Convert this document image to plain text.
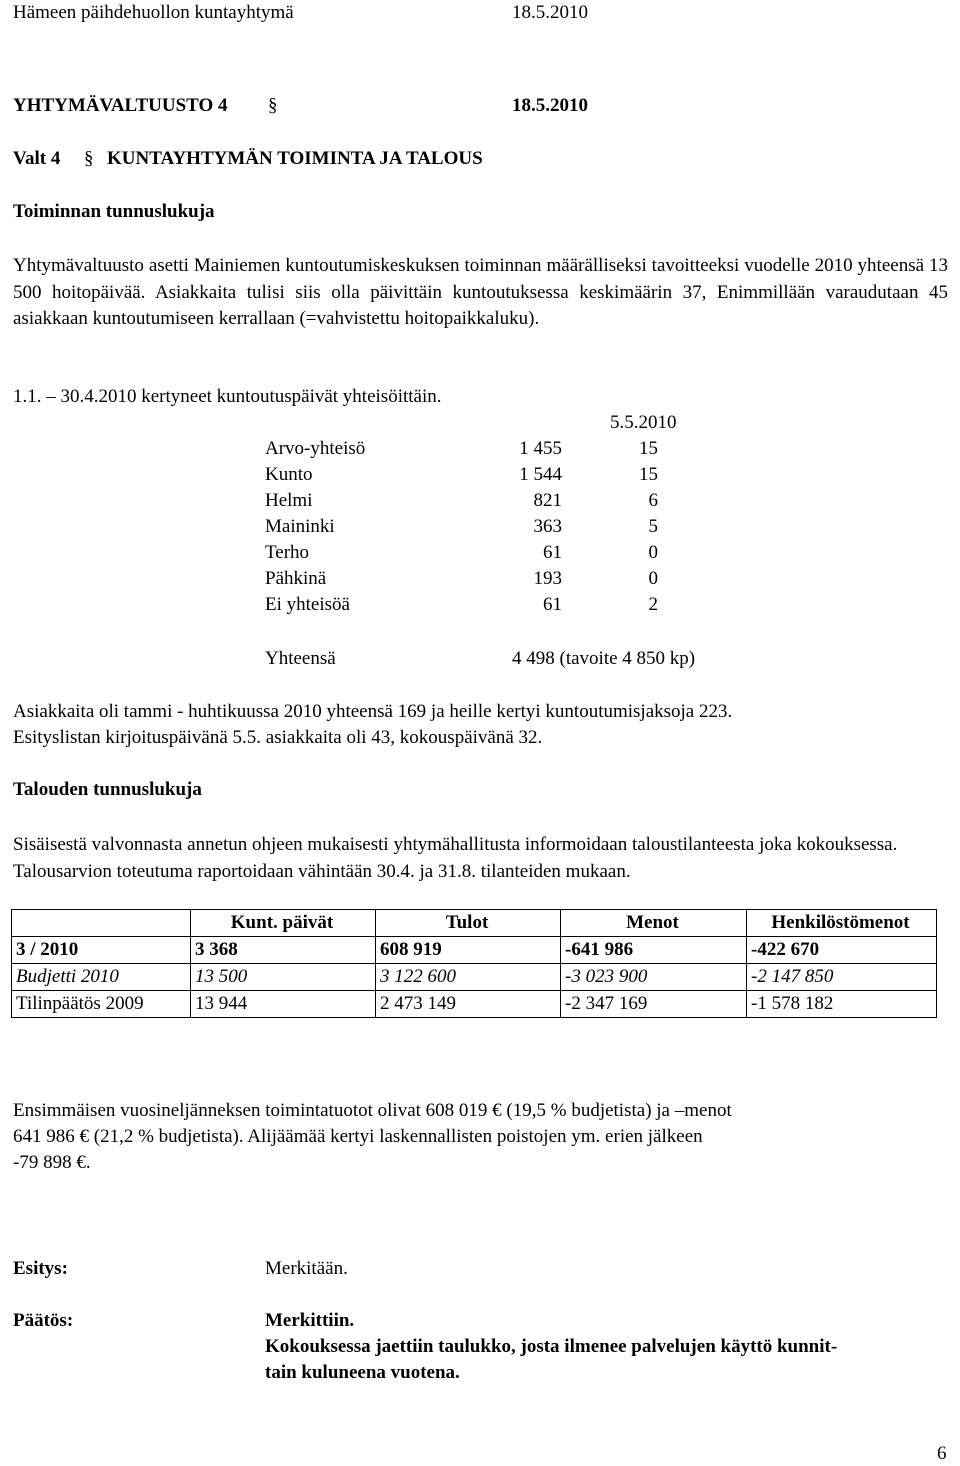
Hämeen päihdehuollon kuntayhtymä	18.5.2010
YHTYMÄVALTUUSTO 4 §	18.5.2010
Valt 4 § KUNTAYHTYMÄN TOIMINTA JA TALOUS
Toiminnan tunnuslukuja
Yhtymävaltuusto asetti Mainiemen kuntoutumiskeskuksen toiminnan määrälliseksi tavoitteeksi vuodelle 2010 yhteensä 13 500 hoitopäivää. Asiakkaita tulisi siis olla päivittäin kuntoutuksessa keskimäärin 37, Enimmillään varaudutaan 45 asiakkaan kuntoutumiseen kerrallaan (=vahvistettu hoitopaikkaluku).
1.1. – 30.4.2010 kertyneet kuntoutuspäivät yhteisöittäin.
5.5.2010
Arvo-yhteisö	1 455	15
Kunto	1 544	15
Helmi	821	6
Maininki	363	5
Terho	61	0
Pähkinä	193	0
Ei yhteisöä	61	2
Yhteensä	4 498 (tavoite 4 850 kp)
Asiakkaita oli tammi - huhtikuussa 2010 yhteensä 169 ja heille kertyi kuntoutumisjaksoja 223.
Esityslistan kirjoituspäivänä 5.5. asiakkaita oli 43, kokouspäivänä 32.
Talouden tunnuslukuja
Sisäisestä valvonnasta annetun ohjeen mukaisesti yhtymähallitusta informoidaan taloustilanteesta joka kokouksessa. Talousarvion toteutuma raportoidaan vähintään 30.4. ja 31.8. tilanteiden mukaan.
	Kunt. päivät	Tulot	Menot	Henkilöstömenot
3 / 2010	3 368	608 919	-641 986	-422 670
Budjetti 2010	13 500	3 122 600	-3 023 900	-2 147 850
Tilinpäätös 2009	13 944	2 473 149	-2 347 169	-1 578 182
Ensimmäisen vuosineljänneksen toimintatuotot olivat 608 019 € (19,5 % budjetista) ja –menot
641 986 € (21,2 % budjetista). Alijäämää kertyi laskennallisten poistojen ym. erien jälkeen
-79 898 €.
Esitys:	Merkitään.
Päätös:	Merkittiin.
Kokouksessa jaettiin taulukko, josta ilmenee palvelujen käyttö kunnit-
tain kuluneena vuotena.
6
